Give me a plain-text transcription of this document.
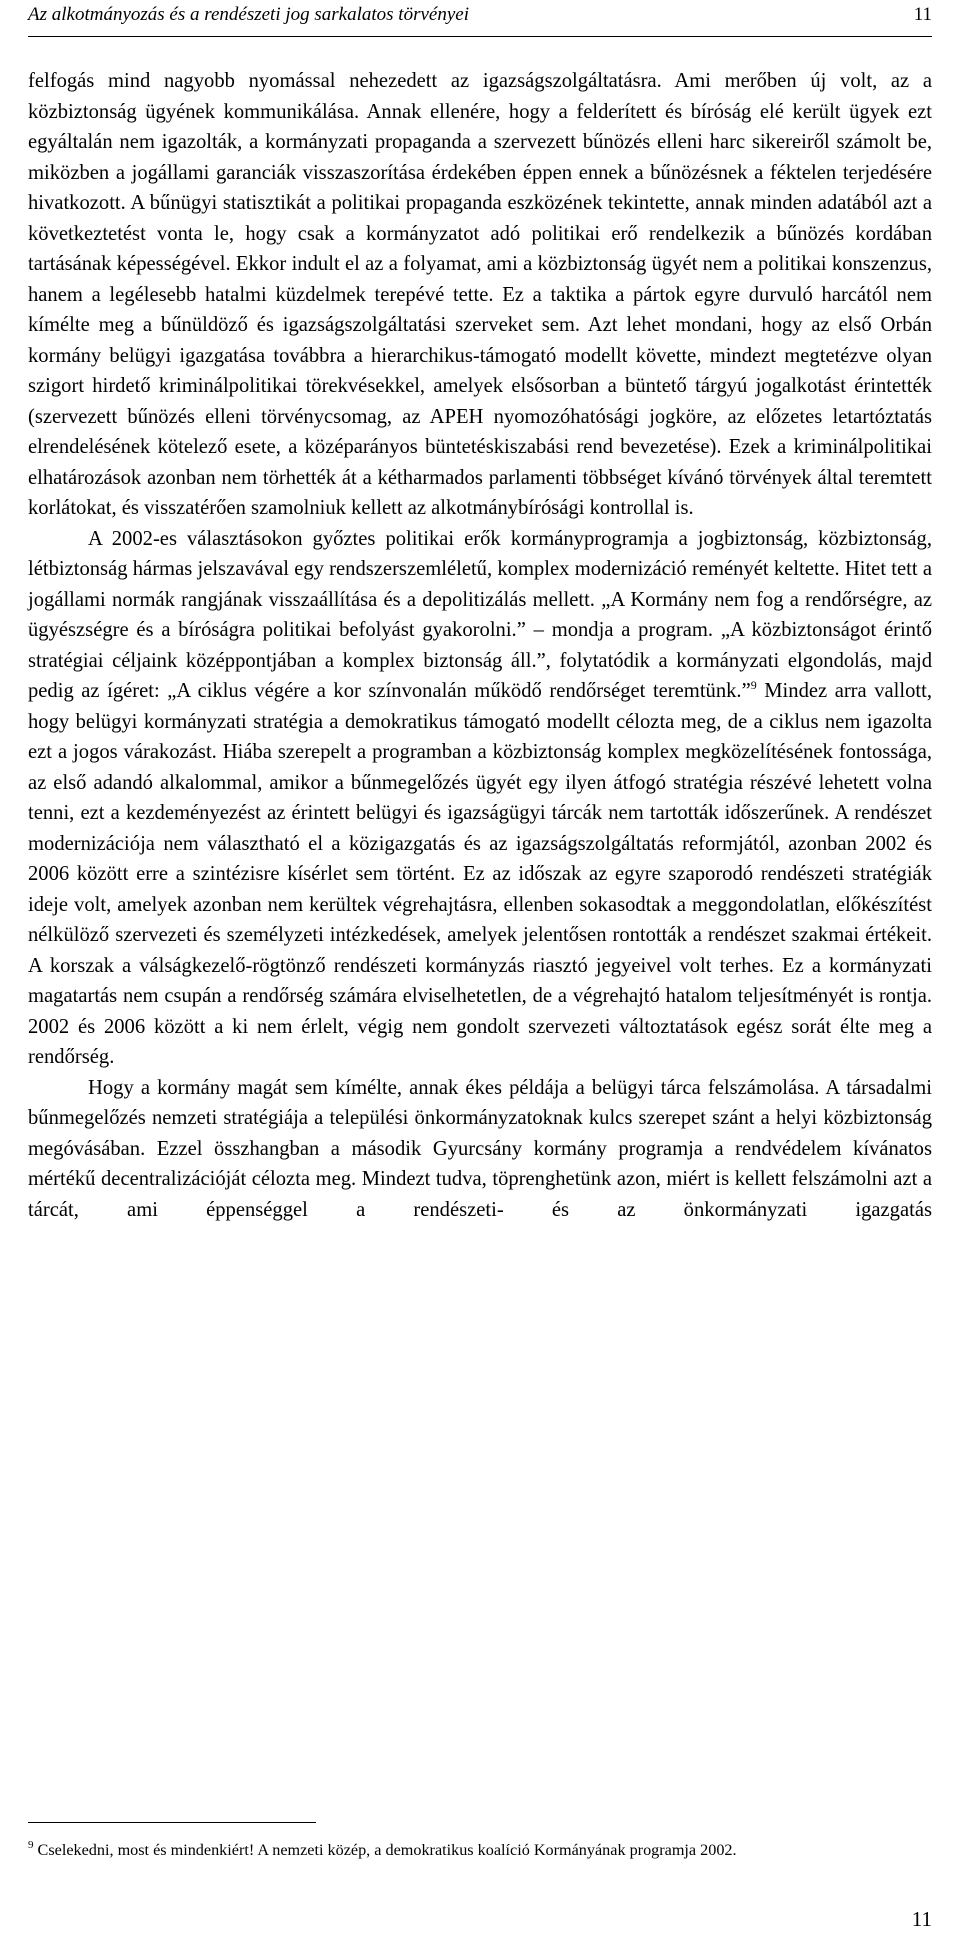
Az alkotmányozás és a rendészeti jog sarkalatos törvényei	11

felfogás mind nagyobb nyomással nehezedett az igazságszolgáltatásra. Ami merőben új volt, az a közbiztonság ügyének kommunikálása. Annak ellenére, hogy a felderített és bíróság elé került ügyek ezt egyáltalán nem igazolták, a kormányzati propaganda a szervezett bűnözés elleni harc sikereiről számolt be, miközben a jogállami garanciák visszaszorítása érdekében éppen ennek a bűnözésnek a féktelen terjedésére hivatkozott. A bűnügyi statisztikát a politikai propaganda eszközének tekintette, annak minden adatából azt a következtetést vonta le, hogy csak a kormányzatot adó politikai erő rendelkezik a bűnözés kordában tartásának képességével. Ekkor indult el az a folyamat, ami a közbiztonság ügyét nem a politikai konszenzus, hanem a legélesebb hatalmi küzdelmek terepévé tette. Ez a taktika a pártok egyre durvuló harcától nem kímélte meg a bűnüldöző és igazságszolgáltatási szerveket sem. Azt lehet mondani, hogy az első Orbán kormány belügyi igazgatása továbbra a hierarchikus-támogató modellt követte, mindezt megtetézve olyan szigort hirdető kriminálpolitikai törekvésekkel, amelyek elsősorban a büntető tárgyú jogalkotást érintették (szervezett bűnözés elleni törvénycsomag, az APEH nyomozóhatósági jogköre, az előzetes letartóztatás elrendelésének kötelező esete, a középarányos büntetéskiszabási rend bevezetése). Ezek a kriminálpolitikai elhatározások azonban nem törhették át a kétharmados parlamenti többséget kívánó törvények által teremtett korlátokat, és visszatérően szamolniuk kellett az alkotmánybírósági kontrollal is.

A 2002-es választásokon győztes politikai erők kormányprogramja a jogbiztonság, közbiztonság, létbiztonság hármas jelszavával egy rendszerszemléletű, komplex modernizáció reményét keltette. Hitet tett a jogállami normák rangjának visszaállítása és a depolitizálás mellett. „A Kormány nem fog a rendőrségre, az ügyészségre és a bíróságra politikai befolyást gyakorolni.” – mondja a program. „A közbiztonságot érintő stratégiai céljaink középpontjában a komplex biztonság áll.”, folytatódik a kormányzati elgondolás, majd pedig az ígéret: „A ciklus végére a kor színvonalán működő rendőrséget teremtünk.”$^9$ Mindez arra vallott, hogy belügyi kormányzati stratégia a demokratikus támogató modellt célozta meg, de a ciklus nem igazolta ezt a jogos várakozást. Hiába szerepelt a programban a közbiztonság komplex megközelítésének fontossága, az első adandó alkalommal, amikor a bűnmegelőzés ügyét egy ilyen átfogó stratégia részévé lehetett volna tenni, ezt a kezdeményezést az érintett belügyi és igazságügyi tárcák nem tartották időszerűnek. A rendészet modernizációja nem választható el a közigazgatás és az igazságszolgáltatás reformjától, azonban 2002 és 2006 között erre a szintézisre kísérlet sem történt. Ez az időszak az egyre szaporodó rendészeti stratégiák ideje volt, amelyek azonban nem kerültek végrehajtásra, ellenben sokasodtak a meggondolatlan, előkészítést nélkülöző szervezeti és személyzeti intézkedések, amelyek jelentősen rontották a rendészet szakmai értékeit. A korszak a válságkezelő-rögtönző rendészeti kormányzás riasztó jegyeivel volt terhes. Ez a kormányzati magatartás nem csupán a rendőrség számára elviselhetetlen, de a végrehajtó hatalom teljesítményét is rontja. 2002 és 2006 között a ki nem érlelt, végig nem gondolt szervezeti változtatások egész sorát élte meg a rendőrség.

Hogy a kormány magát sem kímélte, annak ékes példája a belügyi tárca felszámolása. A társadalmi bűnmegelőzés nemzeti stratégiája a települési önkormányzatoknak kulcs szerepet szánt a helyi közbiztonság megóvásában. Ezzel összhangban a második Gyurcsány kormány programja a rendvédelem kívánatos mértékű decentralizációját célozta meg. Mindezt tudva, töprenghetünk azon, miért is kellett felszámolni azt a tárcát, ami éppenséggel a rendészeti- és az önkormányzati igazgatás

$^9$ Cselekedni, most és mindenkiért! A nemzeti közép, a demokratikus koalíció Kormányának programja 2002.
11
